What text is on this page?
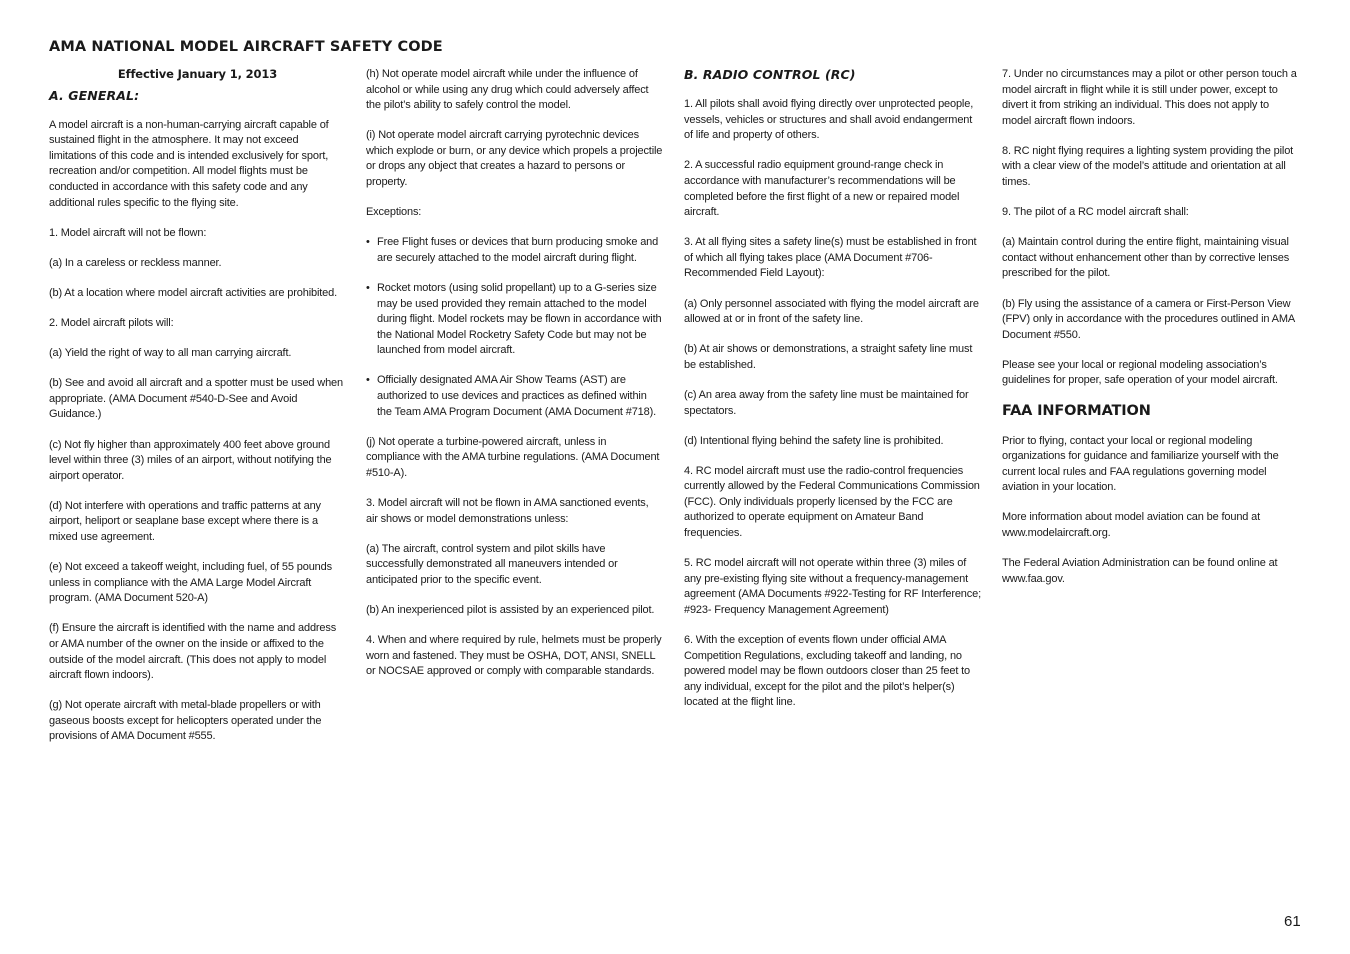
AMA NATIONAL MODEL AIRCRAFT SAFETY CODE

Effective January 1, 2013

A. GENERAL:

A model aircraft is a non-human-carrying aircraft capable of sustained flight in the atmosphere. It may not exceed limitations of this code and is intended exclusively for sport, recreation and/or competition. All model flights must be conducted in accordance with this safety code and any additional rules specific to the flying site.

1. Model aircraft will not be flown:

(a) In a careless or reckless manner.

(b) At a location where model aircraft activities are prohibited.

2. Model aircraft pilots will:

(a) Yield the right of way to all man carrying aircraft.

(b) See and avoid all aircraft and a spotter must be used when appropriate. (AMA Document #540-D-See and Avoid Guidance.)

(c) Not fly higher than approximately 400 feet above ground level within three (3) miles of an airport, without notifying the airport operator.

(d) Not interfere with operations and traffic patterns at any airport, heliport or seaplane base except where there is a mixed use agreement.

(e) Not exceed a takeoff weight, including fuel, of 55 pounds unless in compliance with the AMA Large Model Aircraft program. (AMA Document 520-A)

(f) Ensure the aircraft is identified with the name and address or AMA number of the owner on the inside or affixed to the outside of the model aircraft. (This does not apply to model aircraft flown indoors).

(g) Not operate aircraft with metal-blade propellers or with gaseous boosts except for helicopters operated under the provisions of AMA Document #555.

(h) Not operate model aircraft while under the influence of alcohol or while using any drug which could adversely affect the pilot’s ability to safely control the model.

(i) Not operate model aircraft carrying pyrotechnic devices which explode or burn, or any device which propels a projectile or drops any object that creates a hazard to persons or property.

Exceptions:

• Free Flight fuses or devices that burn producing smoke and are securely attached to the model aircraft during flight.
• Rocket motors (using solid propellant) up to a G-series size may be used provided they remain attached to the model during flight. Model rockets may be flown in accordance with the National Model Rocketry Safety Code but may not be launched from model aircraft.
• Officially designated AMA Air Show Teams (AST) are authorized to use devices and practices as defined within the Team AMA Program Document (AMA Document #718).

(j) Not operate a turbine-powered aircraft, unless in compliance with the AMA turbine regulations. (AMA Document #510-A).

3. Model aircraft will not be flown in AMA sanctioned events, air shows or model demonstrations unless:

(a) The aircraft, control system and pilot skills have successfully demonstrated all maneuvers intended or anticipated prior to the specific event.

(b) An inexperienced pilot is assisted by an experienced pilot.

4. When and where required by rule, helmets must be properly worn and fastened. They must be OSHA, DOT, ANSI, SNELL or NOCSAE approved or comply with comparable standards.

B. RADIO CONTROL (RC)

1. All pilots shall avoid flying directly over unprotected people, vessels, vehicles or structures and shall avoid endangerment of life and property of others.

2. A successful radio equipment ground-range check in accordance with manufacturer’s recommendations will be completed before the first flight of a new or repaired model aircraft.

3. At all flying sites a safety line(s) must be established in front of which all flying takes place (AMA Document #706-Recommended Field Layout):

(a) Only personnel associated with flying the model aircraft are allowed at or in front of the safety line.

(b) At air shows or demonstrations, a straight safety line must be established.

(c) An area away from the safety line must be maintained for spectators.

(d) Intentional flying behind the safety line is prohibited.

4. RC model aircraft must use the radio-control frequencies currently allowed by the Federal Communications Commission (FCC). Only individuals properly licensed by the FCC are authorized to operate equipment on Amateur Band frequencies.

5. RC model aircraft will not operate within three (3) miles of any pre-existing flying site without a frequency-management agreement (AMA Documents #922-Testing for RF Interference; #923- Frequency Management Agreement)

6. With the exception of events flown under official AMA Competition Regulations, excluding takeoff and landing, no powered model may be flown outdoors closer than 25 feet to any individual, except for the pilot and the pilot’s helper(s) located at the flight line.

7. Under no circumstances may a pilot or other person touch a model aircraft in flight while it is still under power, except to divert it from striking an individual. This does not apply to model aircraft flown indoors.

8. RC night flying requires a lighting system providing the pilot with a clear view of the model’s attitude and orientation at all times.

9. The pilot of a RC model aircraft shall:

(a) Maintain control during the entire flight, maintaining visual contact without enhancement other than by corrective lenses prescribed for the pilot.

(b) Fly using the assistance of a camera or First-Person View (FPV) only in accordance with the procedures outlined in AMA Document #550.

Please see your local or regional modeling association’s guidelines for proper, safe operation of your model aircraft.

FAA INFORMATION

Prior to flying, contact your local or regional modeling organizations for guidance and familiarize yourself with the current local rules and FAA regulations governing model aviation in your location.

More information about model aviation can be found at www.modelaircraft.org.

The Federal Aviation Administration can be found online at www.faa.gov.

61
